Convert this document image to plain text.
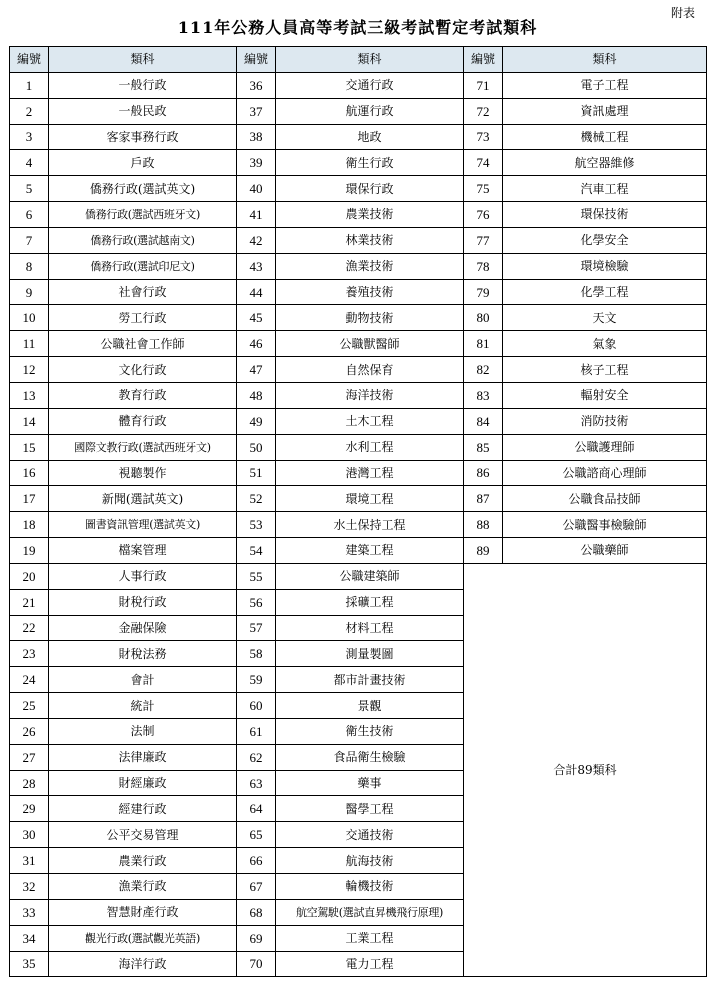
附表
111年公務人員高等考試三級考試暫定考試類科
編號	類科	編號	類科	編號	類科
1	一般行政	36	交通行政	71	電子工程
2	一般民政	37	航運行政	72	資訊處理
3	客家事務行政	38	地政	73	機械工程
4	戶政	39	衛生行政	74	航空器維修
5	僑務行政(選試英文)	40	環保行政	75	汽車工程
6	僑務行政(選試西班牙文)	41	農業技術	76	環保技術
7	僑務行政(選試越南文)	42	林業技術	77	化學安全
8	僑務行政(選試印尼文)	43	漁業技術	78	環境檢驗
9	社會行政	44	養殖技術	79	化學工程
10	勞工行政	45	動物技術	80	天文
11	公職社會工作師	46	公職獸醫師	81	氣象
12	文化行政	47	自然保育	82	核子工程
13	教育行政	48	海洋技術	83	輻射安全
14	體育行政	49	土木工程	84	消防技術
15	國際文教行政(選試西班牙文)	50	水利工程	85	公職護理師
16	視聽製作	51	港灣工程	86	公職諮商心理師
17	新聞(選試英文)	52	環境工程	87	公職食品技師
18	圖書資訊管理(選試英文)	53	水土保持工程	88	公職醫事檢驗師
19	檔案管理	54	建築工程	89	公職藥師
20	人事行政	55	公職建築師	合計89類科	
21	財稅行政	56	採礦工程		
22	金融保險	57	材料工程		
23	財稅法務	58	測量製圖		
24	會計	59	都市計畫技術		
25	統計	60	景觀		
26	法制	61	衛生技術		
27	法律廉政	62	食品衛生檢驗		
28	財經廉政	63	藥事		
29	經建行政	64	醫學工程		
30	公平交易管理	65	交通技術		
31	農業行政	66	航海技術		
32	漁業行政	67	輪機技術		
33	智慧財產行政	68	航空駕駛(選試直昇機飛行原理)		
34	觀光行政(選試觀光英語)	69	工業工程		
35	海洋行政	70	電力工程		
